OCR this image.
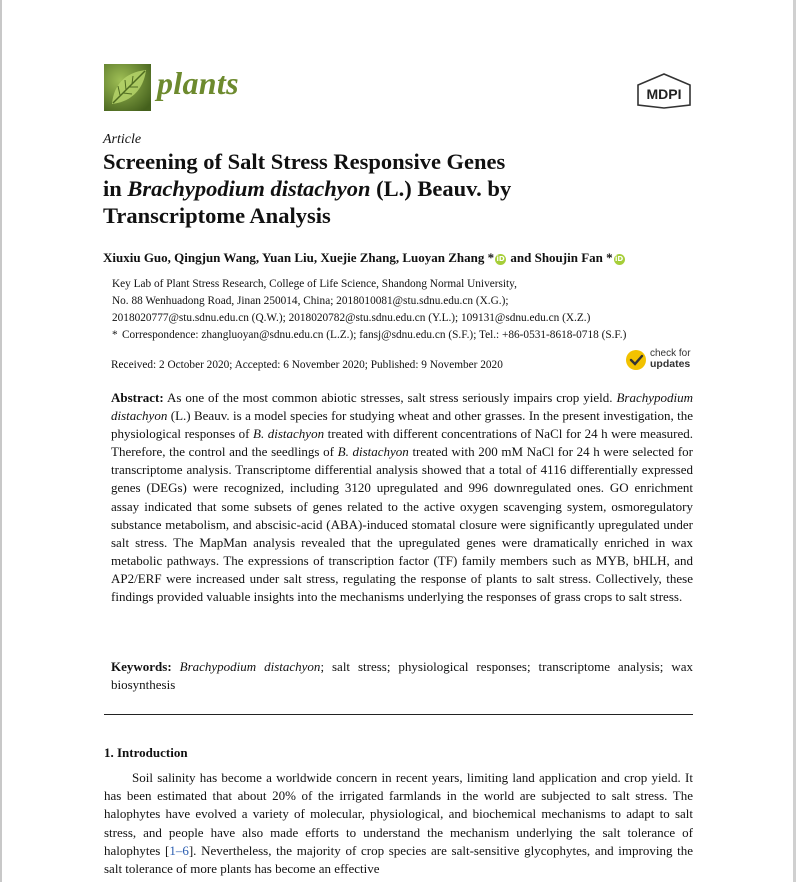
plants	MDPI
Article
Screening of Salt Stress Responsive Genes
in Brachypodium distachyon (L.) Beauv. by
Transcriptome Analysis
Xiuxiu Guo, Qingjun Wang, Yuan Liu, Xuejie Zhang, Luoyan Zhang * iD and Shoujin Fan * iD
Key Lab of Plant Stress Research, College of Life Science, Shandong Normal University,
No. 88 Wenhuadong Road, Jinan 250014, China; 2018010081@stu.sdnu.edu.cn (X.G.);
2018020777@stu.sdnu.edu.cn (Q.W.); 2018020782@stu.sdnu.edu.cn (Y.L.); 109131@sdnu.edu.cn (X.Z.)
* Correspondence: zhangluoyan@sdnu.edu.cn (L.Z.); fansj@sdnu.edu.cn (S.F.); Tel.: +86-0531-8618-0718 (S.F.)
Received: 2 October 2020; Accepted: 6 November 2020; Published: 9 November 2020
check for
updates
Abstract: As one of the most common abiotic stresses, salt stress seriously impairs crop yield. Brachypodium distachyon (L.) Beauv. is a model species for studying wheat and other grasses. In the present investigation, the physiological responses of B. distachyon treated with different concentrations of NaCl for 24 h were measured. Therefore, the control and the seedlings of B. distachyon treated with 200 mM NaCl for 24 h were selected for transcriptome analysis. Transcriptome differential analysis showed that a total of 4116 differentially expressed genes (DEGs) were recognized, including 3120 upregulated and 996 downregulated ones. GO enrichment assay indicated that some subsets of genes related to the active oxygen scavenging system, osmoregulatory substance metabolism, and abscisic-acid (ABA)-induced stomatal closure were significantly upregulated under salt stress. The MapMan analysis revealed that the upregulated genes were dramatically enriched in wax metabolic pathways. The expressions of transcription factor (TF) family members such as MYB, bHLH, and AP2/ERF were increased under salt stress, regulating the response of plants to salt stress. Collectively, these findings provided valuable insights into the mechanisms underlying the responses of grass crops to salt stress.
Keywords: Brachypodium distachyon; salt stress; physiological responses; transcriptome analysis; wax biosynthesis
1. Introduction
Soil salinity has become a worldwide concern in recent years, limiting land application and crop yield. It has been estimated that about 20% of the irrigated farmlands in the world are subjected to salt stress. The halophytes have evolved a variety of molecular, physiological, and biochemical mechanisms to adapt to salt stress, and people have also made efforts to understand the mechanism underlying the salt tolerance of halophytes [1–6]. Nevertheless, the majority of crop species are salt-sensitive glycophytes, and improving the salt tolerance of more plants has become an effective
